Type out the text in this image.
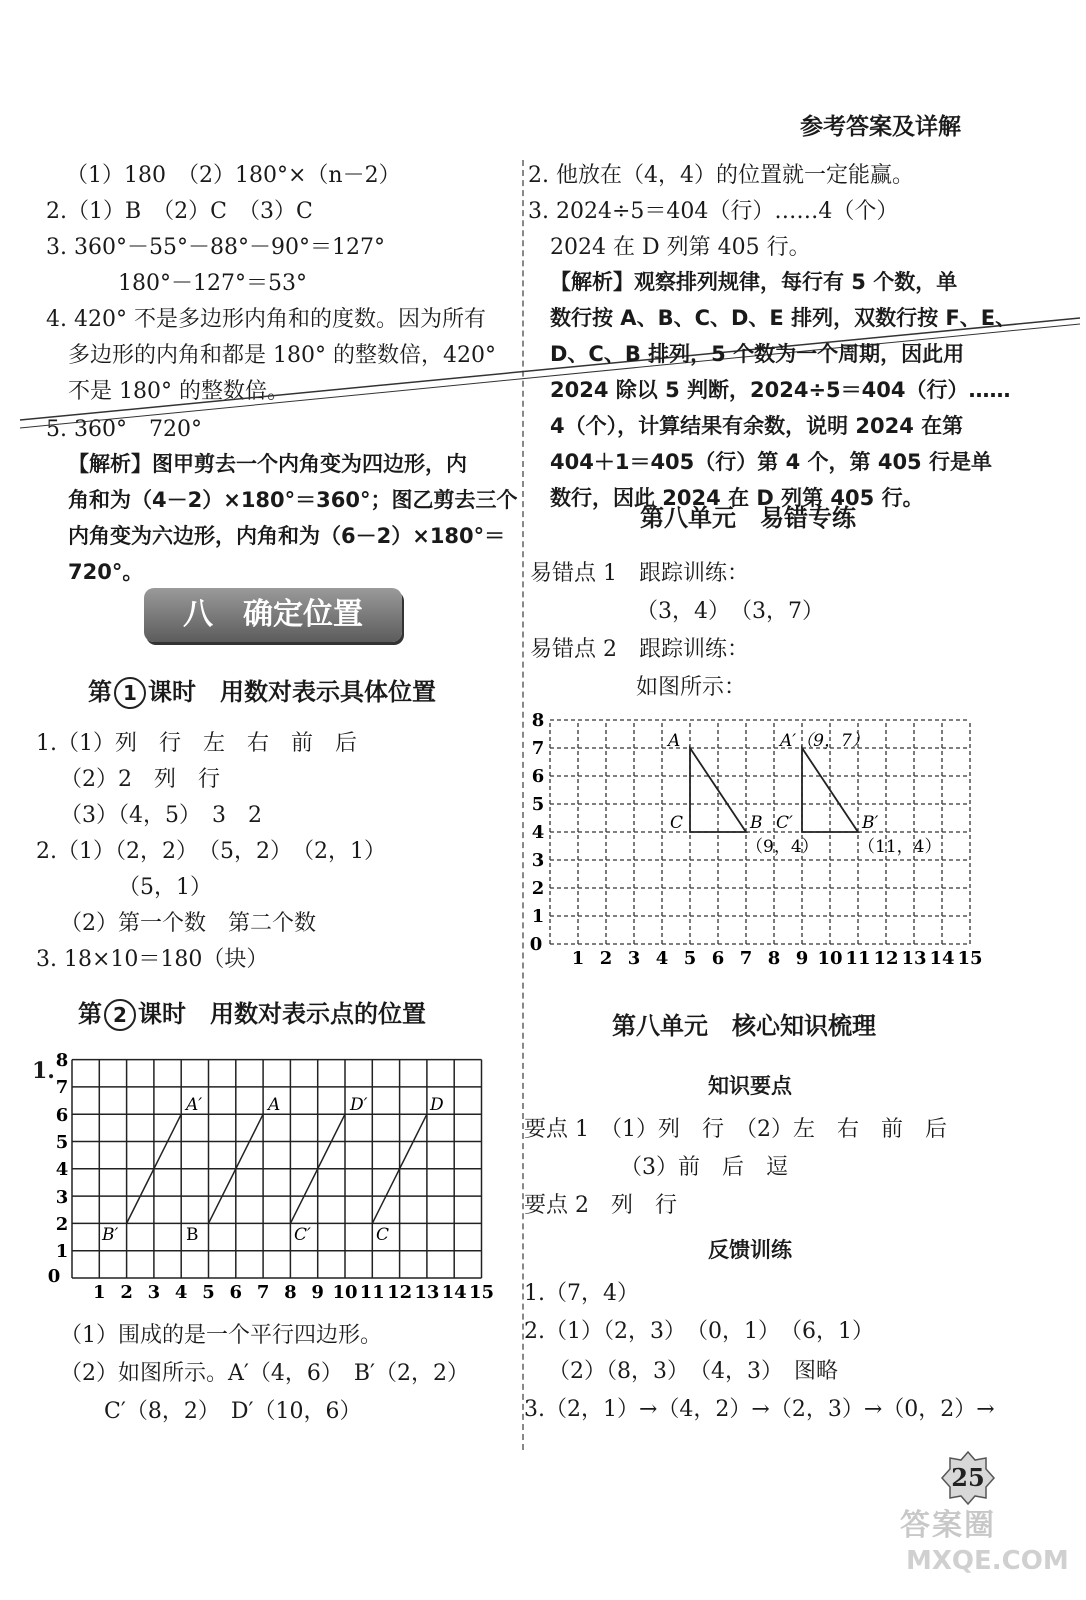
参考答案及详解
（1）180　（2）180°×（n－2）
2.（1）B　（2）C　（3）C
3. 360°－55°－88°－90°＝127°
180°－127°＝53°
4. 420° 不是多边形内角和的度数。因为所有
多边形的内角和都是 180° 的整数倍，420°
不是 180° 的整数倍。
5. 360°　720°
【解析】图甲剪去一个内角变为四边形，内
角和为（4－2）×180°＝360°；图乙剪去三个
内角变为六边形，内角和为（6－2）×180°＝
720°。
八　确定位置
第 1 课时　用数对表示具体位置
1.（1）列　行　左　右　前　后
（2）2　列　行
（3）（4，5）　3　2
2.（1）（2，2）　（5，2）　（2，1）
（5，1）
（2）第一个数　第二个数
3. 18×10＝180（块）
第 2 课时　用数对表示点的位置
1.
1 2 3 4 5 6 7 8 9 10 11 12 13 14 15
0
1
2
3
4
5
6
7
8
A′	A	D′	D
B′	B	C′	C
（1）围成的是一个平行四边形。
（2）如图所示。A′（4，6）　B′（2，2）
C′（8，2）　D′（10，6）
2. 他放在（4，4）的位置就一定能赢。
3. 2024÷5＝404（行）……4（个）
2024 在 D 列第 405 行。
【解析】观察排列规律，每行有 5 个数，单
数行按 A、B、C、D、E 排列，双数行按 F、E、
D、C、B 排列，5 个数为一个周期，因此用
2024 除以 5 判断，2024÷5＝404（行）……
4（个），计算结果有余数，说明 2024 在第
404＋1＝405（行）第 4 个，第 405 行是单
数行，因此 2024 在 D 列第 405 行。
第八单元　易错专练
易错点 1　跟踪训练：
（3，4）　（3，7）
易错点 2　跟踪训练：
如图所示：
1 2 3 4 5 6 7 8 9 10 11 12 13 14 15
0
1
2
3
4
5
6
7
8
A	A′（9，7）
C	B C′	B′
（9，4） （11，4）
第八单元　核心知识梳理
知识要点
要点 1　（1）列　行　（2）左　右　前　后
（3）前　后　逗
要点 2　列　行
反馈训练
1.（7，4）
2.（1）（2，3）　（0，1）　（6，1）
（2）（8，3）　（4，3）　图略
3.（2，1）→（4，2）→（2，3）→（0，2）→
25
答案圈
MXQE.COM
